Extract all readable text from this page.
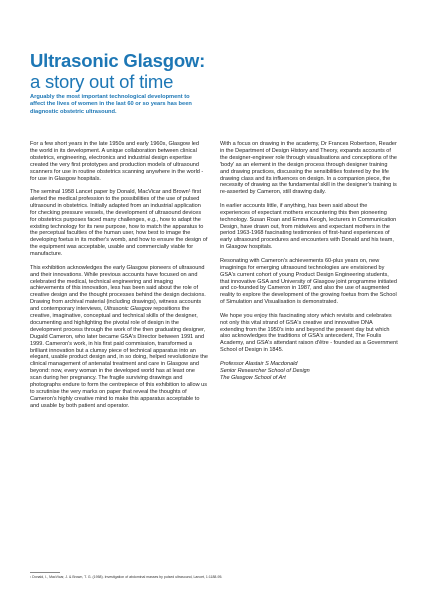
Ultrasonic Glasgow:
a story out of time
Arguably the most important technological development to affect the lives of women in the last 60 or so years has been diagnostic obstetric ultrasound.

For a few short years in the late 1950s and early 1960s, Glasgow led the world in its development. A unique collaboration between clinical obstetrics, engineering, electronics and industrial design expertise created the very first prototypes and production models of ultrasound scanners for use in routine obstetrics scanning anywhere in the world - for use in Glasgow hospitals.

The seminal 1958 Lancet paper by Donald, MacVicar and Brown¹ first alerted the medical profession to the possibilities of the use of pulsed ultrasound in obstetrics. Initially adapted from an industrial application for checking pressure vessels, the development of ultrasound devices for obstetrics purposes faced many challenges, e.g., how to adapt the existing technology for its new purpose, how to match the apparatus to the perceptual faculties of the human user, how best to image the developing foetus in its mother's womb, and how to ensure the design of the equipment was acceptable, usable and commercially viable for manufacture.

This exhibition acknowledges the early Glasgow pioneers of ultrasound and their innovations. While previous accounts have focused on and celebrated the medical, technical engineering and imaging achievements of this innovation, less has been said about the role of creative design and the thought processes behind the design decisions. Drawing from archival material (including drawings), witness accounts and contemporary interviews, Ultrasonic Glasgow repositions the creative, imaginative, conceptual and technical skills of the designer, documenting and highlighting the pivotal role of design in the development process through the work of the then graduating designer, Dugald Cameron, who later became GSA's Director between 1991 and 1999. Cameron's work, in his first paid commission, transformed a brilliant innovation but a clumsy piece of technical apparatus into an elegant, usable product design and, in so doing, helped revolutionize the clinical management of antenatal treatment and care in Glasgow and beyond: now, every woman in the developed world has at least one scan during her pregnancy. The fragile surviving drawings and photographs endure to form the centrepiece of this exhibition to allow us to scrutinise the very marks on paper that reveal the thoughts of Cameron's highly creative mind to make this apparatus acceptable to and usable by both patient and operator.

With a focus on drawing in the academy, Dr Frances Robertson, Reader in the Department of Design History and Theory, expands accounts of the designer-engineer role through visualisations and conceptions of the 'body' as an element in the design process through designer training and drawing practices, discussing the sensibilities fostered by the life drawing class and its influences on design. In a companion piece, the necessity of drawing as the fundamental skill in the designer's training is re-asserted by Cameron, still drawing daily.

In earlier accounts little, if anything, has been said about the experiences of expectant mothers encountering this then pioneering technology. Susan Roan and Emma Keogh, lecturers in Communication Design, have drawn out, from midwives and expectant mothers in the period 1963-1968 fascinating testimonies of first-hand experiences of early ultrasound procedures and encounters with Donald and his team, in Glasgow hospitals.

Resonating with Cameron's achievements 60-plus years on, new imaginings for emerging ultrasound technologies are envisioned by GSA's current cohort of young Product Design Engineering students, that innovative GSA and University of Glasgow joint programme initiated and co-founded by Cameron in 1987, and also the use of augmented reality to explore the development of the growing foetus from the School of Simulation and Visualisation is demonstrated.

We hope you enjoy this fascinating story which revisits and celebrates not only this vital strand of GSA's creative and innovative DNA extending from the 1950's into and beyond the present day but which also acknowledges the traditions of GSA's antecedent, The Foulis Academy, and GSA's attendant raison d'être - founded as a Government School of Design in 1845.

Professor Alastair S Macdonald
Senior Researcher School of Design
The Glasgow School of Art
¹ Donald, I., MacVicar, J. & Brown, T. G. (1958). Investigation of abdominal masses by pulsed ultrasound, Lancet, 1:1188-95.
